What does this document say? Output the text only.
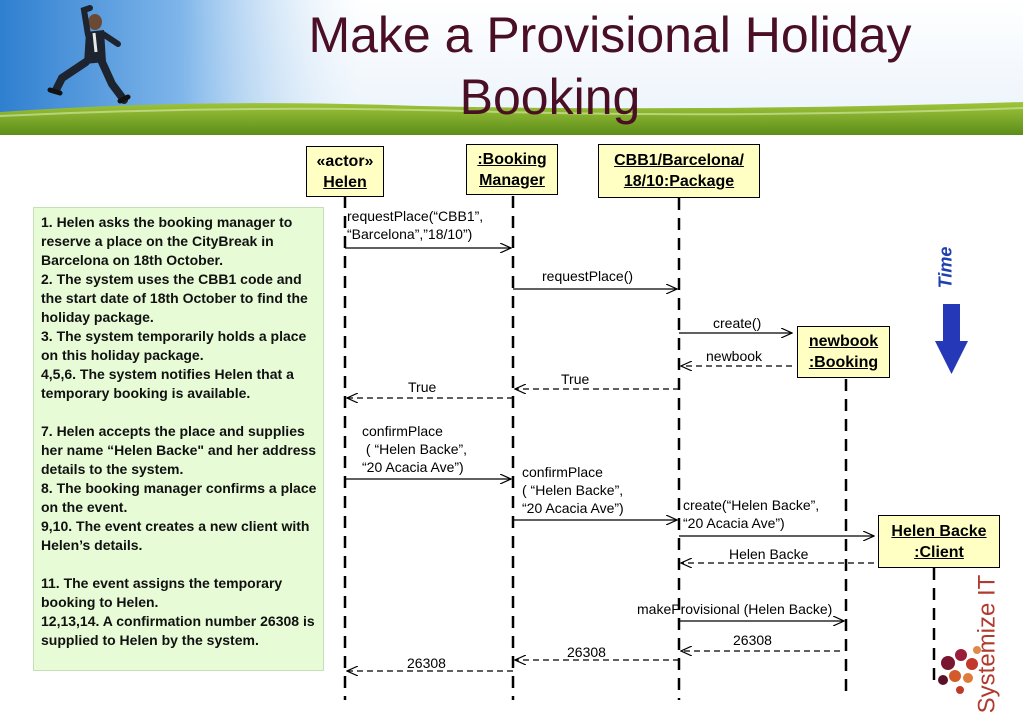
Make a Provisional Holiday
Booking
«actor»
Helen
:Booking
Manager
CBB1/Barcelona/
18/10:Package
newbook
:Booking
Helen Backe
:Client
requestPlace(“CBB1”,
“Barcelona”,”18/10”)
requestPlace()
create()
newbook
True
True
confirmPlace
( “Helen Backe”,
“20 Acacia Ave”)	confirmPlace
( “Helen Backe”,
“20 Acacia Ave”)	create(“Helen Backe”,
“20 Acacia Ave”)
Helen Backe
makeProvisional (Helen Backe)
26308
26308
26308

1. Helen asks the booking manager to reserve a place on the CityBreak in Barcelona on 18th October.

2. The system uses the CBB1 code and the start date of 18th October to find the holiday package.

3. The system temporarily holds a place on this holiday package.

4,5,6. The system notifies Helen that a temporary booking is available.

7. Helen accepts the place and supplies her name “Helen Backe" and her address details to the system.

8. The booking manager confirms a place on the event.

9,10. The event creates a new client with Helen’s details.

11. The event assigns the temporary booking to Helen.

12,13,14. A confirmation number 26308 is supplied to Helen by the system.

Time
Systemize IT
